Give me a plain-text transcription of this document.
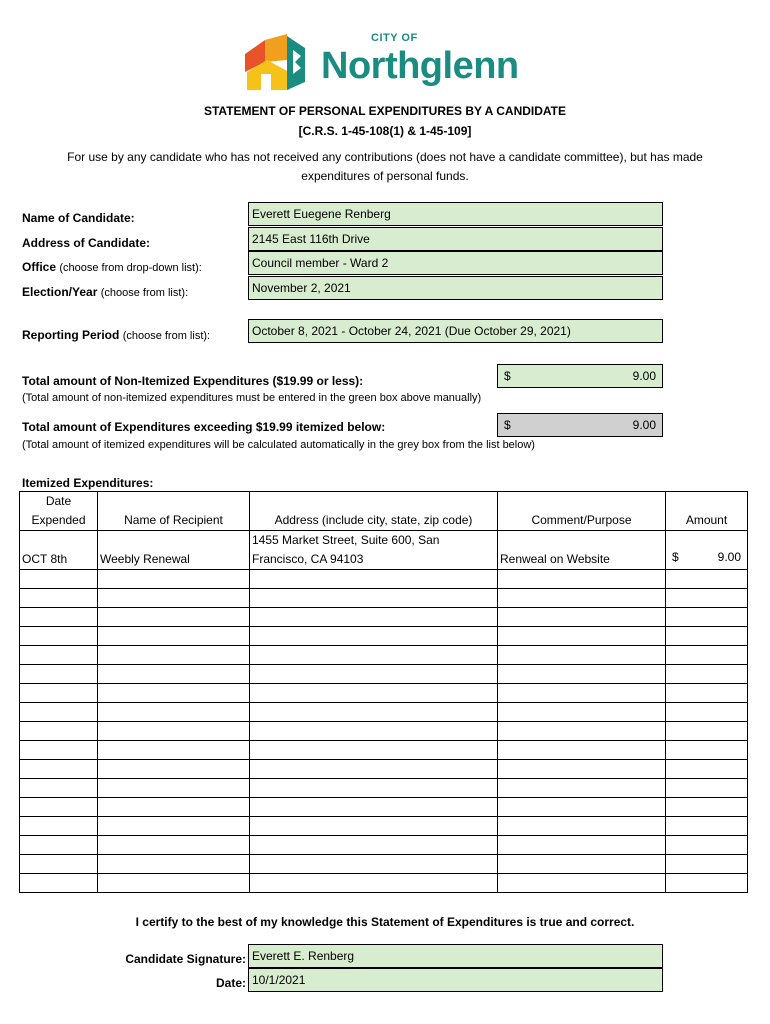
CITY OF
Northglenn
STATEMENT OF PERSONAL EXPENDITURES BY A CANDIDATE
[C.R.S. 1-45-108(1) & 1-45-109]
For use by any candidate who has not received any contributions (does not have a candidate committee), but has made expenditures of personal funds.
Name of Candidate:	Everett Euegene Renberg
Address of Candidate:	2145 East 116th Drive
Office (choose from drop-down list):	Council member - Ward 2
Election/Year (choose from list):	November 2, 2021
Reporting Period (choose from list):	October 8, 2021 - October 24, 2021 (Due October 29, 2021)
Total amount of Non-Itemized Expenditures ($19.99 or less):	$	9.00
(Total amount of non-itemized expenditures must be entered in the green box above manually)
Total amount of Expenditures exceeding $19.99 itemized below:	$	9.00
(Total amount of itemized expenditures will be calculated automatically in the grey box from the list below)
Itemized Expenditures:
Date Expended	Name of Recipient	Address (include city, state, zip code)	Comment/Purpose	Amount
OCT 8th	Weebly Renewal	1455 Market Street, Suite 600, San Francisco, CA 94103	Renweal on Website	$ 9.00

I certify to the best of my knowledge this Statement of Expenditures is true and correct.
Candidate Signature: Everett E. Renberg
Date: 10/1/2021
